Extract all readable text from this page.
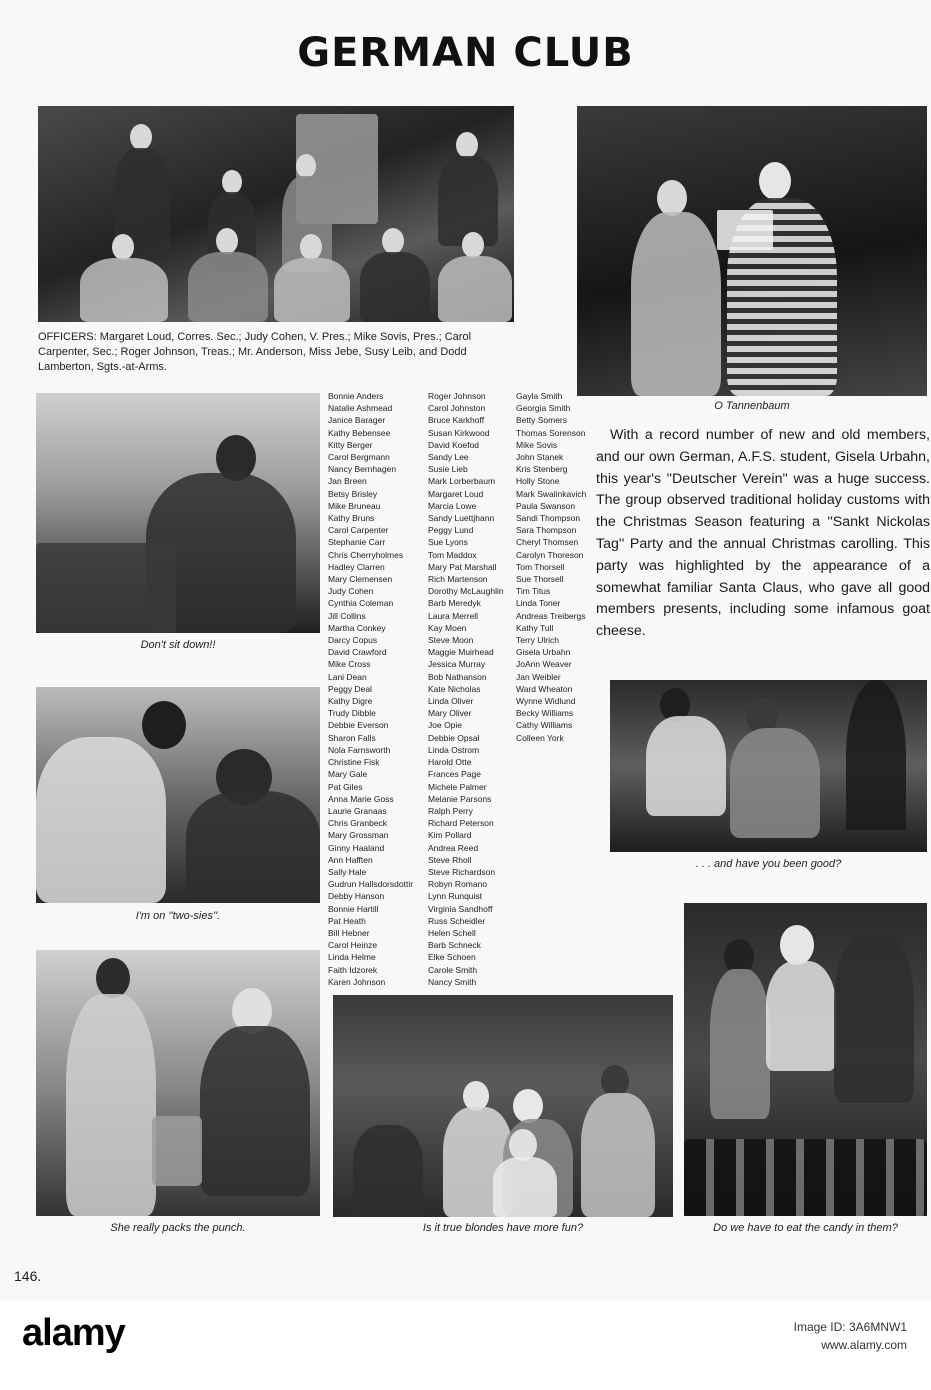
GERMAN CLUB
OFFICERS: Margaret Loud, Corres. Sec.; Judy Cohen, V. Pres.; Mike Sovis, Pres.; Carol Carpenter, Sec.; Roger Johnson, Treas.; Mr. Anderson, Miss Jebe, Susy Leib, and Dodd Lamberton, Sgts.-at-Arms.
O Tannenbaum
Don't sit down!!
I'm on ''two-sies''.
She really packs the punch.	Is it true blondes have more fun?
. . . and have you been good?
Do we have to eat the candy in them?
Bonnie Anders
Natalie Ashmead
Janice Barager
Kathy Bebensee
Kitty Berger
Carol Bergmann
Nancy Bernhagen
Jan Breen
Betsy Brisley
Mike Bruneau
Kathy Bruns
Carol Carpenter
Stephanie Carr
Chris Cherryholmes
Hadley Clarren
Mary Clemensen
Judy Cohen
Cynthia Coleman
Jill Collins
Martha Conkey
Darcy Copus
David Crawford
Mike Cross
Lani Dean
Peggy Deal
Kathy Digre
Trudy Dibble
Debbie Everson
Sharon Falls
Nola Farnsworth
Christine Fisk
Mary Gale
Pat Giles
Anna Marie Goss
Laurie Granaas
Chris Granbeck
Mary Grossman
Ginny Haaland
Ann Hafften
Sally Hale
Gudrun Hallsdorsdottir
Debby Hanson
Bonnie Hartill
Pat Heath
Bill Hebner
Carol Heinze
Linda Helme
Faith Idzorek
Karen Johnson
Roger Johnson
Carol Johnston
Bruce Karkhoff
Susan Kirkwood
David Koefod
Sandy Lee
Susie Lieb
Mark Lorberbaum
Margaret Loud
Marcia Lowe
Sandy Luettjhann
Peggy Lund
Sue Lyons
Tom Maddox
Mary Pat Marshall
Rich Martenson
Dorothy McLaughlin
Barb Meredyk
Laura Merrell
Kay Moen
Steve Moon
Maggie Muirhead
Jessica Murray
Bob Nathanson
Kate Nicholas
Linda Oliver
Mary Oliver
Joe Opie
Debbie Opsal
Linda Ostrom
Harold Otte
Frances Page
Michele Palmer
Melanie Parsons
Ralph Perry
Richard Peterson
Kim Pollard
Andrea Reed
Steve Rholl
Steve Richardson
Robyn Romano
Lynn Runquist
Virginia Sandhoff
Russ Scheidler
Helen Schell
Barb Schneck
Elke Schoen
Carole Smith
Nancy Smith
Gayla Smith
Georgia Smith
Betty Somers
Thomas Sorenson
Mike Sovis
John Stanek
Kris Stenberg
Holly Stone
Mark Swalinkavich
Paula Swanson
Sandi Thompson
Sara Thompson
Cheryl Thomsen
Carolyn Thoreson
Tom Thorsell
Sue Thorsell
Tim Titus
Linda Toner
Andreas Treibergs
Kathy Tull
Terry Ulrich
Gisela Urbahn
JoAnn Weaver
Jan Weibler
Ward Wheaton
Wynne Widlund
Becky Williams
Cathy Williams
Colleen York

With a record number of new and old members, and our own German, A.F.S. student, Gisela Urbahn, this year's ''Deutscher Verein'' was a huge success. The group observed traditional holiday customs with the Christmas Season featuring a ''Sankt Nickolas Tag'' Party and the annual Christmas carolling. This party was highlighted by the appearance of a somewhat familiar Santa Claus, who gave all good members presents, including some infamous goat cheese.

146.
alamy	Image ID: 3A6MNW1
www.alamy.com
